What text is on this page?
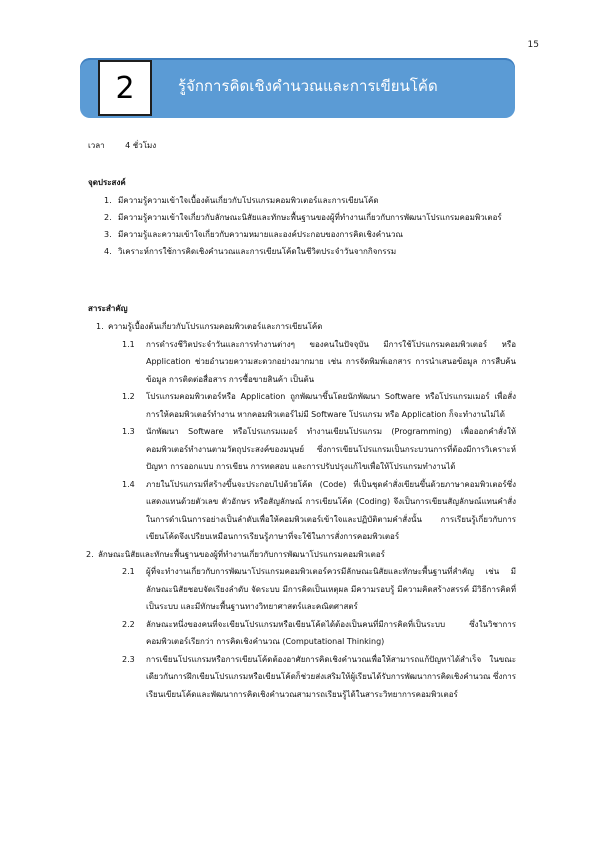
15
2	รู้จักการคิดเชิงคำนวณและการเขียนโค้ด
เวลา	4 ชั่วโมง
จุดประสงค์
1. มีความรู้ความเข้าใจเบื้องต้นเกี่ยวกับโปรแกรมคอมพิวเตอร์และการเขียนโค้ด
2. มีความรู้ความเข้าใจเกี่ยวกับลักษณะนิสัยและทักษะพื้นฐานของผู้ที่ทำงานเกี่ยวกับการพัฒนาโปรแกรมคอมพิวเตอร์
3. มีความรู้และความเข้าใจเกี่ยวกับความหมายและองค์ประกอบของการคิดเชิงคำนวณ
4. วิเคราะห์การใช้การคิดเชิงคำนวณและการเขียนโค้ดในชีวิตประจำวันจากกิจกรรม
สาระสำคัญ
1. ความรู้เบื้องต้นเกี่ยวกับโปรแกรมคอมพิวเตอร์และการเขียนโค้ด
1.1	การดำรงชีวิตประจำวันและการทำงานต่างๆ ของคนในปัจจุบัน มีการใช้โปรแกรมคอมพิวเตอร์ หรือ Application ช่วยอำนวยความสะดวกอย่างมากมาย เช่น การจัดพิมพ์เอกสาร การนำเสนอข้อมูล การสืบค้นข้อมูล การติดต่อสื่อสาร การซื้อขายสินค้า เป็นต้น
1.2	โปรแกรมคอมพิวเตอร์หรือ Application ถูกพัฒนาขึ้นโดยนักพัฒนา Software หรือโปรแกรมเมอร์ เพื่อสั่งการให้คอมพิวเตอร์ทำงาน หากคอมพิวเตอร์ไม่มี Software โปรแกรม หรือ Application ก็จะทำงานไม่ได้
1.3	นักพัฒนา Software หรือโปรแกรมเมอร์ ทำงานเขียนโปรแกรม (Programming) เพื่อออกคำสั่งให้คอมพิวเตอร์ทำงานตามวัตถุประสงค์ของมนุษย์ ซึ่งการเขียนโปรแกรมเป็นกระบวนการที่ต้องมีการวิเคราะห์ปัญหา การออกแบบ การเขียน การทดสอบ และการปรับปรุงแก้ไขเพื่อให้โปรแกรมทำงานได้
1.4	ภายในโปรแกรมที่สร้างขึ้นจะประกอบไปด้วยโค้ด (Code) ที่เป็นชุดคำสั่งเขียนขึ้นด้วยภาษาคอมพิวเตอร์ซึ่งแสดงแทนด้วยตัวเลข ตัวอักษร หรือสัญลักษณ์ การเขียนโค้ด (Coding) จึงเป็นการเขียนสัญลักษณ์แทนคำสั่งในการดำเนินการอย่างเป็นลำดับเพื่อให้คอมพิวเตอร์เข้าใจและปฏิบัติตามคำสั่งนั้น การเรียนรู้เกี่ยวกับการเขียนโค้ดจึงเปรียบเหมือนการเรียนรู้ภาษาที่จะใช้ในการสั่งการคอมพิวเตอร์
2. ลักษณะนิสัยและทักษะพื้นฐานของผู้ที่ทำงานเกี่ยวกับการพัฒนาโปรแกรมคอมพิวเตอร์
2.1	ผู้ที่จะทำงานเกี่ยวกับการพัฒนาโปรแกรมคอมพิวเตอร์ควรมีลักษณะนิสัยและทักษะพื้นฐานที่สำคัญ เช่น มีลักษณะนิสัยชอบจัดเรียงลำดับ จัดระบบ มีการคิดเป็นเหตุผล มีความรอบรู้ มีความคิดสร้างสรรค์ มีวิธีการคิดที่เป็นระบบ และมีทักษะพื้นฐานทางวิทยาศาสตร์และคณิตศาสตร์
2.2	ลักษณะหนึ่งของคนที่จะเขียนโปรแกรมหรือเขียนโค้ดได้ต้องเป็นคนที่มีการคิดที่เป็นระบบ ซึ่งในวิชาการคอมพิวเตอร์เรียกว่า การคิดเชิงคำนวณ (Computational Thinking)
2.3	การเขียนโปรแกรมหรือการเขียนโค้ดต้องอาศัยการคิดเชิงคำนวณเพื่อให้สามารถแก้ปัญหาได้สำเร็จ ในขณะเดียวกันการฝึกเขียนโปรแกรมหรือเขียนโค้ดก็ช่วยส่งเสริมให้ผู้เรียนได้รับการพัฒนาการคิดเชิงคำนวณ ซึ่งการเรียนเขียนโค้ดและพัฒนาการคิดเชิงคำนวณสามารถเรียนรู้ได้ในสาระวิทยาการคอมพิวเตอร์
